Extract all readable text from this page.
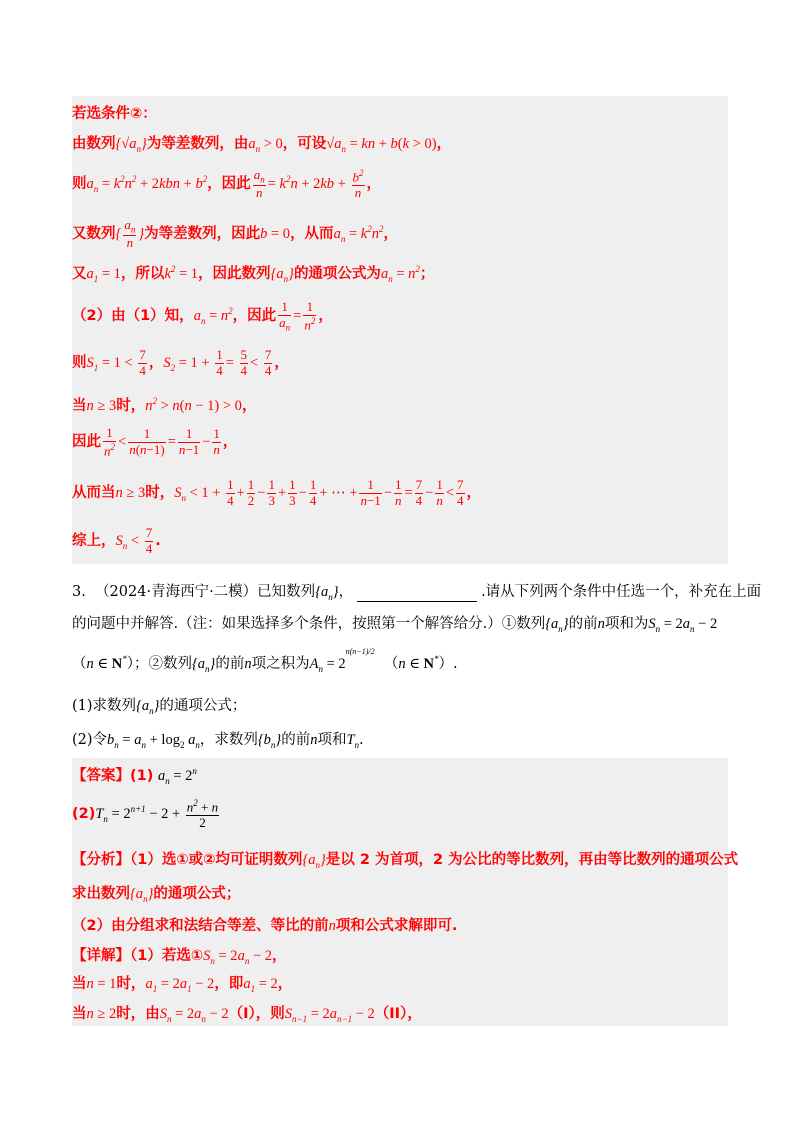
若选条件②：
由数列$\{√a_n\}$为等差数列，由$a_n > 0$，可设$√a_n$ = kn + b(k > 0)，
则$a_n = k^2n^2 + 2kbn + b^2$，因此 $\frac{a_n}{n} = k^2n + 2kb + \frac{b^2}{n}$ ，
又数列{ $\frac{a_n}{n}$ }为等差数列，因此b = 0，从而$a_n = k^2n^2$，
又$a_1 = 1$，所以$k^2 = 1$，因此数列$\{a_n\}$的通项公式为$a_n = n^2$；
（2）由（1）知，$a_n = n^2$，因此 $\frac{1}{a_n} = \frac{1}{n^2}$ ，
则$S_1 = 1 < \frac{7}{4}$ ，$S_2 = 1 + \frac{1}{4} = \frac{5}{4} < \frac{7}{4}$ ，
当n ≥ 3时，$n^2 > n(n - 1) > 0$，
因此 $\frac{1}{n^2} < \frac{1}{n(n-1)} = \frac{1}{n-1} - \frac{1}{n}$ ，
从而当n ≥ 3时，$S_n < 1 + \frac{1}{4} + \frac{1}{2} - \frac{1}{3} + \frac{1}{3} - \frac{1}{4}$ + ⋯ + $\frac{1}{n-1} - \frac{1}{n} = \frac{7}{4} - \frac{1}{n} < \frac{7}{4}$ ，
综上，$S_n < \frac{7}{4}$ .
3. （2024·青海西宁·二模）已知数列$\{a_n\}$，	.请从下列两个条件中任选一个，补充在上面
的问题中并解答.（注：如果选择多个条件，按照第一个解答给分.）①数列$\{a_n\}$的前n项和为$S_n = 2a_n - 2$
（n ∈ N*）；②数列$\{a_n\}$的前n项之积为$A_n = 2^{n(n-1)/2}$  （n ∈ N*）.
(1)求数列$\{a_n\}$的通项公式；
(2)令$b_n = a_n + \log_2 a_n$，求数列$\{b_n\}$的前n项和$T_n$.
【答案】(1) $a_n = 2^n$
$(2)T_n = 2^{n+1} - 2 + \frac{n^2 + n}{2}$
【分析】（1）选①或②均可证明数列$\{a_n\}$是以 2 为首项，2 为公比的等比数列，再由等比数列的通项公式
求出数列$\{a_n\}$的通项公式；
（2）由分组求和法结合等差、等比的前n项和公式求解即可.
【详解】（1）若选$①S_n = 2a_n - 2$，
当n = 1时，$a_1 = 2a_1 - 2$，即$a_1 = 2$，
当n ≥ 2时，由$S_n = 2a_n - 2(I)$，则$S_{n-1} = 2a_{n-1} - 2(II)$，
